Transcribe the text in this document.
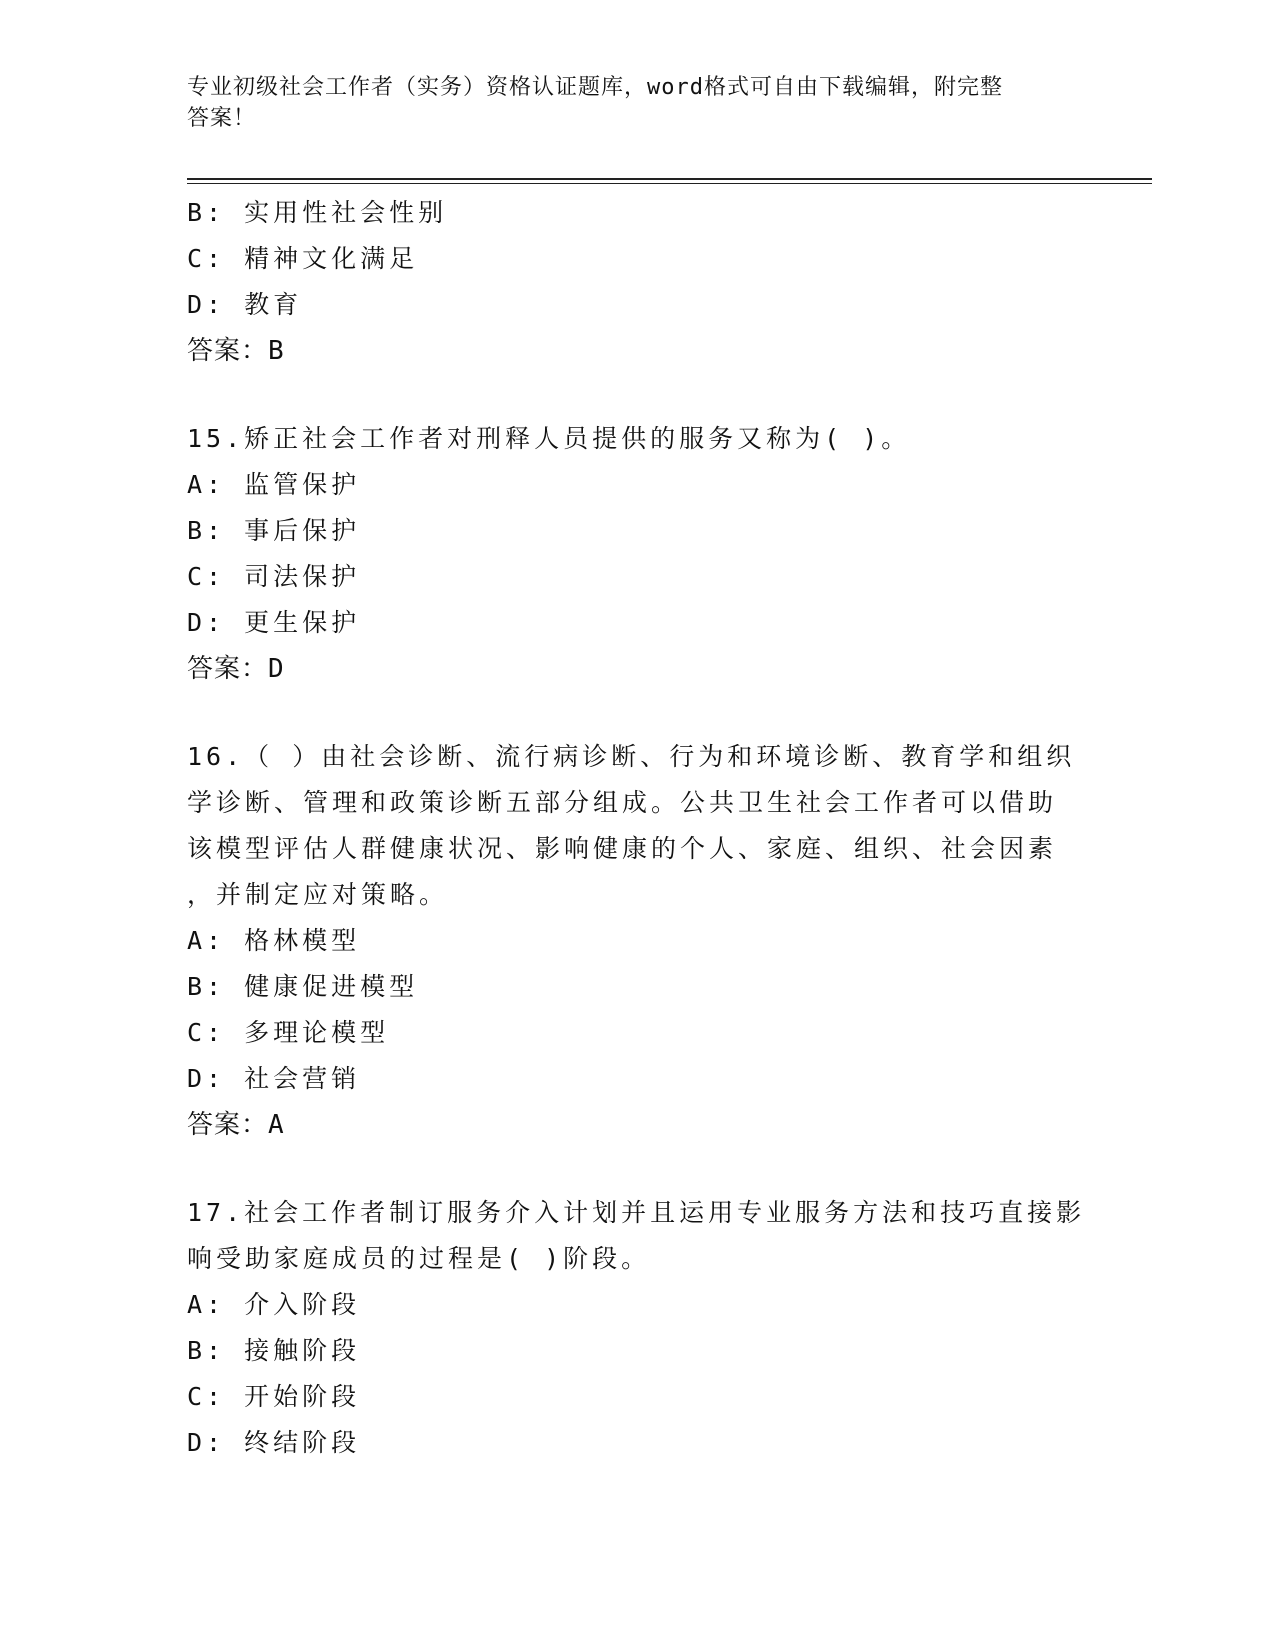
专业初级社会工作者（实务）资格认证题库，word格式可自由下载编辑，附完整
答案！
B: 实用性社会性别
C: 精神文化满足
D: 教育
答案：B
15.矫正社会工作者对刑释人员提供的服务又称为( )。
A: 监管保护
B: 事后保护
C: 司法保护
D: 更生保护
答案：D
16.（ ）由社会诊断、流行病诊断、行为和环境诊断、教育学和组织
学诊断、管理和政策诊断五部分组成。公共卫生社会工作者可以借助
该模型评估人群健康状况、影响健康的个人、家庭、组织、社会因素
，并制定应对策略。
A: 格林模型
B: 健康促进模型
C: 多理论模型
D: 社会营销
答案：A
17.社会工作者制订服务介入计划并且运用专业服务方法和技巧直接影
响受助家庭成员的过程是( )阶段。
A: 介入阶段
B: 接触阶段
C: 开始阶段
D: 终结阶段
